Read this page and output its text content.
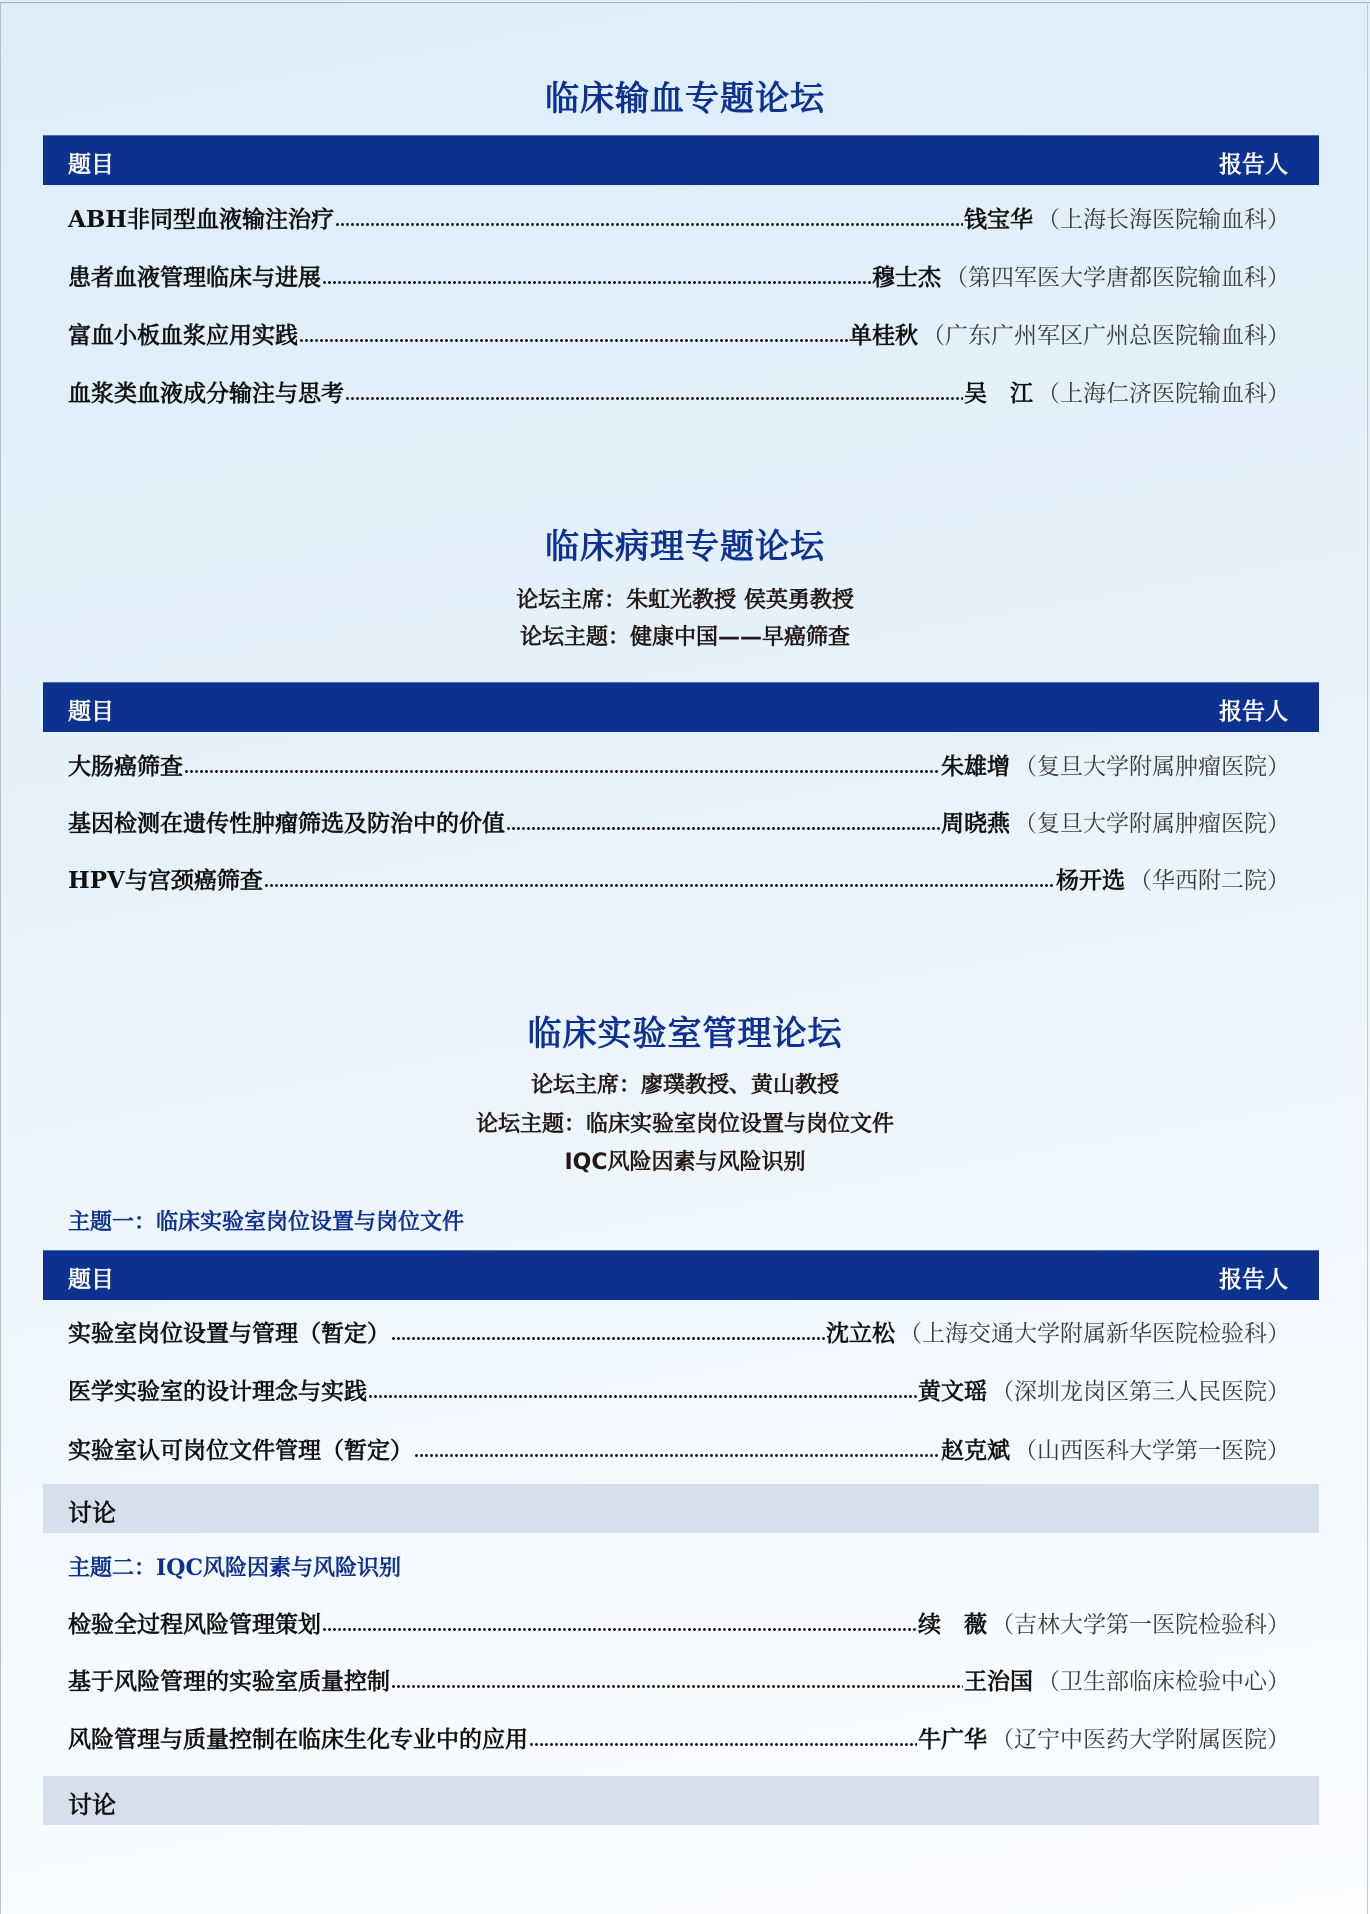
临床输血专题论坛
题目	报告人
ABH非同型血液输注治疗	钱宝华 （上海长海医院输血科）
患者血液管理临床与进展	穆士杰 （第四军医大学唐都医院输血科）
富血小板血浆应用实践	单桂秋 （广东广州军区广州总医院输血科）
血浆类血液成分输注与思考	吴　江 （上海仁济医院输血科）
临床病理专题论坛
论坛主席：朱虹光教授 侯英勇教授
论坛主题：健康中国——早癌筛查
题目	报告人
大肠癌筛查	朱雄增 （复旦大学附属肿瘤医院）
基因检测在遗传性肿瘤筛选及防治中的价值	周晓燕 （复旦大学附属肿瘤医院）
HPV与宫颈癌筛查	杨开选 （华西附二院）
临床实验室管理论坛
论坛主席：廖璞教授、黄山教授
论坛主题：临床实验室岗位设置与岗位文件
IQC风险因素与风险识别
主题一：临床实验室岗位设置与岗位文件
题目	报告人
实验室岗位设置与管理（暂定）	沈立松 （上海交通大学附属新华医院检验科）
医学实验室的设计理念与实践	黄文瑶 （深圳龙岗区第三人民医院）
实验室认可岗位文件管理（暂定）	赵克斌 （山西医科大学第一医院）
讨论
主题二：IQC风险因素与风险识别
检验全过程风险管理策划	续　薇 （吉林大学第一医院检验科）
基于风险管理的实验室质量控制	王治国 （卫生部临床检验中心）
风险管理与质量控制在临床生化专业中的应用	牛广华 （辽宁中医药大学附属医院）
讨论
